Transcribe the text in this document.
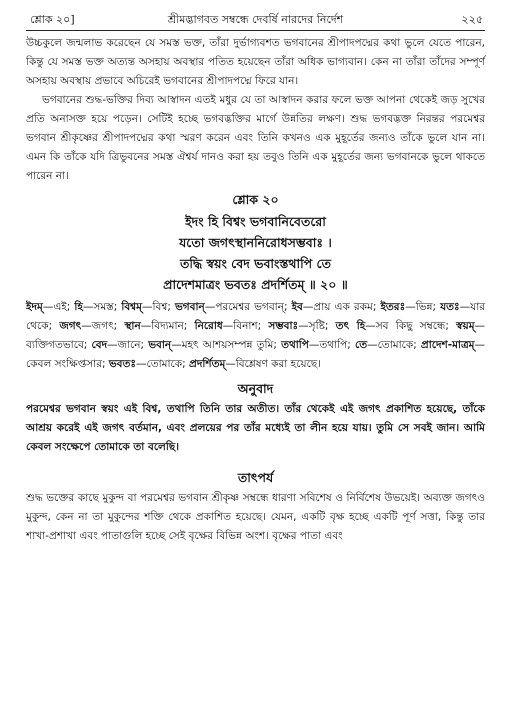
শ্লোক ২০]	শ্রীমদ্ভাগবত সম্বন্ধে দেবর্ষি নারদের নির্দেশ	২২৫

উচ্চকুলে জন্মলাভ করেছেন যে সমস্ত ভক্ত, তাঁরা দুর্ভাগ্যবশত ভগবানের শ্রীপাদপদ্মের কথা ভুলে যেতে পারেন, কিন্তু যে সমস্ত ভক্ত অত্যন্ত অসহায় অবস্থার পতিত হয়েছেন তাঁরা অধিক ভাগ্যবান। কেন না তাঁরা তাঁদের সম্পূর্ণ অসহায় অবস্থায় প্রভাবে অচিরেই ভগবানের শ্রীপাদপদ্মে ফিরে যান।

ভগবানের শুদ্ধ-ভক্তির দিব্য আস্বাদন এতই মধুর যে তা আস্বাদন করার ফলে ভক্ত আপনা থেকেই জড় সুখের প্রতি অনাসক্ত হয়ে পড়েন। সেটিই হচ্ছে ভগবদ্ভক্তির মার্গে উন্নতির লক্ষণ। শুদ্ধ ভগবদ্ভক্ত নিরন্তর পরমেশ্বর ভগবান শ্রীকৃষ্ণের শ্রীপাদপদ্মের কথা স্মরণ করেন এবং তিনি কখনও এক মুহূর্তের জন্যও তাঁকে ভুলে যান না। এমন কি তাঁকে যদি ত্রিভুবনের সমস্ত ঐশ্বর্য দানও করা হয় তবুও তিনি এক মুহূর্তের জন্য ভগবানকে ভুলে থাকতে পারেন না।

শ্লোক ২০
ইদং হি বিশ্বং ভগবানিবেতরো
যতো জগৎস্থাননিরোধসম্ভবাঃ ।
তদ্ধি স্বয়ং বেদ ভবাংস্তথাপি তে
প্রাদেশমাত্রং ভবতঃ প্রদর্শিতম্ ॥ ২০ ॥

ইদম্—এই; হি—সমস্ত; বিশ্বম্—বিশ্ব; ভগবান্—পরমেশ্বর ভগবান্; ইব—প্রায় এক রকম; ইতরঃ—ভিন্ন; যতঃ—যার থেকে; জগৎ—জগৎ; স্থান—বিদ্যমান; নিরোধ—বিনাশ; সম্ভবাঃ—সৃষ্টি; তৎ হি—সব কিছু সম্বন্ধে; স্বয়ম্—ব্যক্তিগতভাবে; বেদ—জানে; ভবান্—মহৎ আশয়সম্পন্ন তুমি; তথাপি—তথাপি; তে—তোমাকে; প্রাদেশ-মাত্রম্—কেবল সংক্ষিপ্তসার; ভবতঃ—তোমাকে; প্রদর্শিতম্—বিশ্লেষণ করা হয়েছে।

অনুবাদ

পরমেশ্বর ভগবান স্বয়ং এই বিশ্ব, তথাপি তিনি তার অতীত। তাঁর থেকেই এই জগৎ প্রকাশিত হয়েছে, তাঁকে আশ্রয় করেই এই জগৎ বর্তমান, এবং প্রলয়ের পর তাঁর মধ্যেই তা লীন হয়ে যায়। তুমি সে সবই জান। আমি কেবল সংক্ষেপে তোমাকে তা বলেছি।

তাৎপর্য

শুদ্ধ ভক্তের কাছে মুকুন্দ বা পরমেশ্বর ভগবান শ্রীকৃষ্ণ সম্বন্ধে ধারণা সবিশেষ ও নির্বিশেষ উভয়েই। অব্যক্ত জগৎও মুকুন্দ, কেন না তা মুকুন্দের শক্তি থেকে প্রকাশিত হয়েছে। যেমন, একটি বৃক্ষ হচ্ছে একটি পূর্ণ সত্তা, কিন্তু তার শাখা-প্রশাখা এবং পাতাগুলি হচ্ছে সেই বৃক্ষের বিভিন্ন অংশ। বৃক্ষের পাতা এবং
